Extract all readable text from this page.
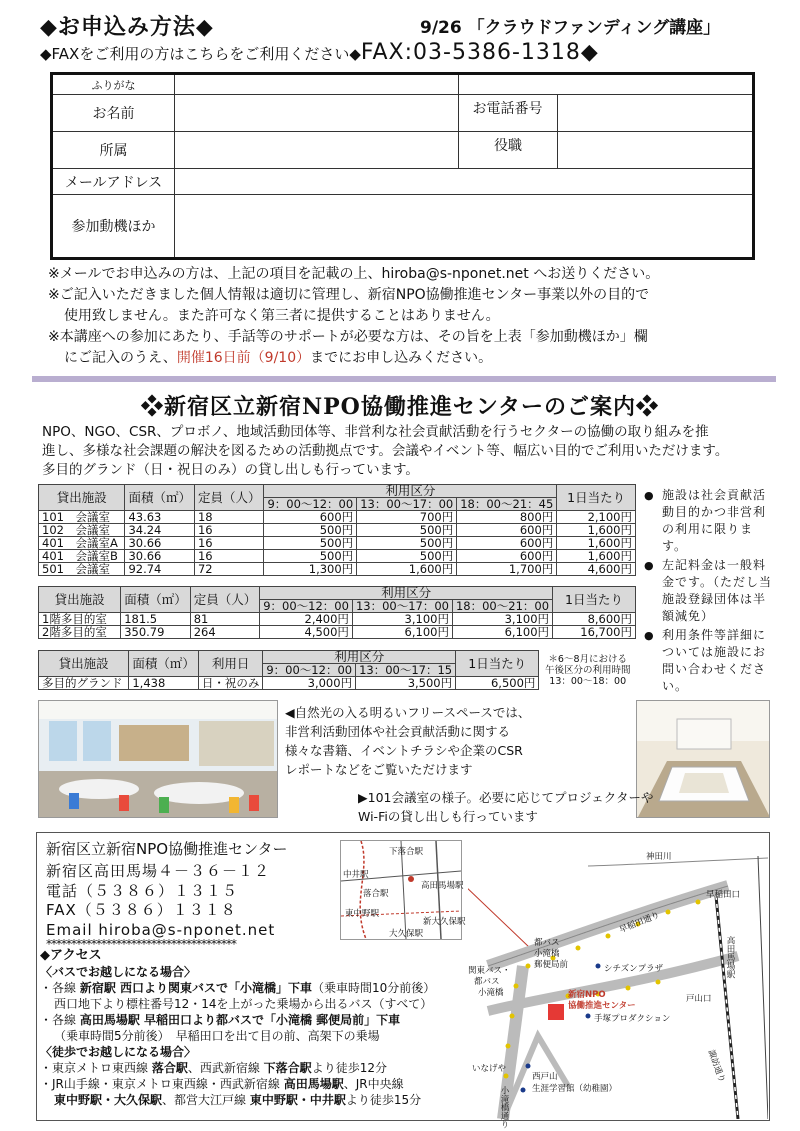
◆お申込み方法◆	9/26 「クラウドファンディング講座」
◆FAXをご利用の方はこちらをご利用ください◆FAX:03-5386-1318◆
ふりがな
お名前	お電話番号
所属	役職
メールアドレス
参加動機ほか

※メールでお申込みの方は、上記の項目を記載の上、hiroba@s-nponet.net へお送りください。

※ご記入いただきました個人情報は適切に管理し、新宿NPO協働推進センター事業以外の目的で

使用致しません。また許可なく第三者に提供することはありません。

※本講座への参加にあたり、手話等のサポートが必要な方は、その旨を上表「参加動機ほか」欄

にご記入のうえ、開催16日前（9/10）までにお申し込みください。

❖新宿区立新宿NPO協働推進センターのご案内❖
NPO、NGO、CSR、プロボノ、地域活動団体等、非営利な社会貢献活動を行うセクターの協働の取り組みを推
進し、多様な社会課題の解決を図るための活動拠点です。会議やイベント等、幅広い目的でご利用いただけます。
多目的グランド（日・祝日のみ）の貸し出しも行っています。
貸出施設	面積（㎡）	定員（人）	利用区分			1日当たり
			9：00～12：00	13：00～17：00	18：00～21：45	
101　会議室	43.63	18	600円	700円	800円	2,100円
102　会議室	34.24	16	500円	500円	600円	1,600円
401　会議室A	30.66	16	500円	500円	600円	1,600円
401　会議室B	30.66	16	500円	500円	600円	1,600円
501　会議室	92.74	72	1,300円	1,600円	1,700円	4,600円
貸出施設	面積（㎡）	定員（人）	利用区分			1日当たり
			9：00～12：00	13：00～17：00	18：00～21：00	
1階多目的室	181.5	81	2,400円	3,100円	3,100円	8,600円
2階多目的室	350.79	264	4,500円	6,100円	6,100円	16,700円
貸出施設	面積（㎡）	利用日	利用区分		1日当たり	＊6～8月における
午後区分の利用時間
13：00～18：00

			9：00～12：00	13：00～17：15		
多目的グランド	1,438	日・祝のみ	3,000円	3,500円	6,500円	
● 施設は社会貢献活動目的かつ非営利の利用に限ります。
● 左記料金は一般料金です。（ただし当施設登録団体は半額減免）
● 利用条件等詳細については施設にお問い合わせください。
◀自然光の入る明るいフリースペースでは、
非営利活動団体や社会貢献活動に関する
様々な書籍、イベントチラシや企業のCSR
レポートなどをご覧いただけます
▶101会議室の様子。必要に応じてプロジェクターや
Wi-Fiの貸し出しも行っています
新宿区立新宿NPO協働推進センター
新宿区高田馬場４－３６－１２
電話（５３８６）１３１５
FAX（５３８６）１３１８
Email hiroba@s-nponet.net
**************************************

◆アクセス

〈バスでお越しになる場合〉

・各線 新宿駅 西口より関東バスで「小滝橋」下車（乗車時間10分前後）

西口地下より標柱番号12・14を上がった乗場から出るバス（すべて）

・各線 高田馬場駅 早稲田口より都バスで「小滝橋 郵便局前」下車

（乗車時間5分前後）　早稲田口を出て目の前、高架下の乗場

〈徒歩でお越しになる場合〉

・東京メトロ東西線 落合駅、西武新宿線 下落合駅より徒歩12分

・JR山手線・東京メトロ東西線・西武新宿線 高田馬場駅、JR中央線

東中野駅・大久保駅、都営大江戸線 東中野駅・中井駅より徒歩15分

中井駅
下落合駅
高田馬場駅
落合駅
東中野駅
大久保駅
新大久保駅
神田川
早稲田口
早稲田通り
高田馬場駅
戸山口
諏訪通り
都バス
小滝橋
郵便局前
関東バス・
都バス
小滝橋
シチズンプラザ
新宿NPO
協働推進センター
手塚プロダクション
いなげや
西戸山
生涯学習館（幼稚園）
小滝橋通り
